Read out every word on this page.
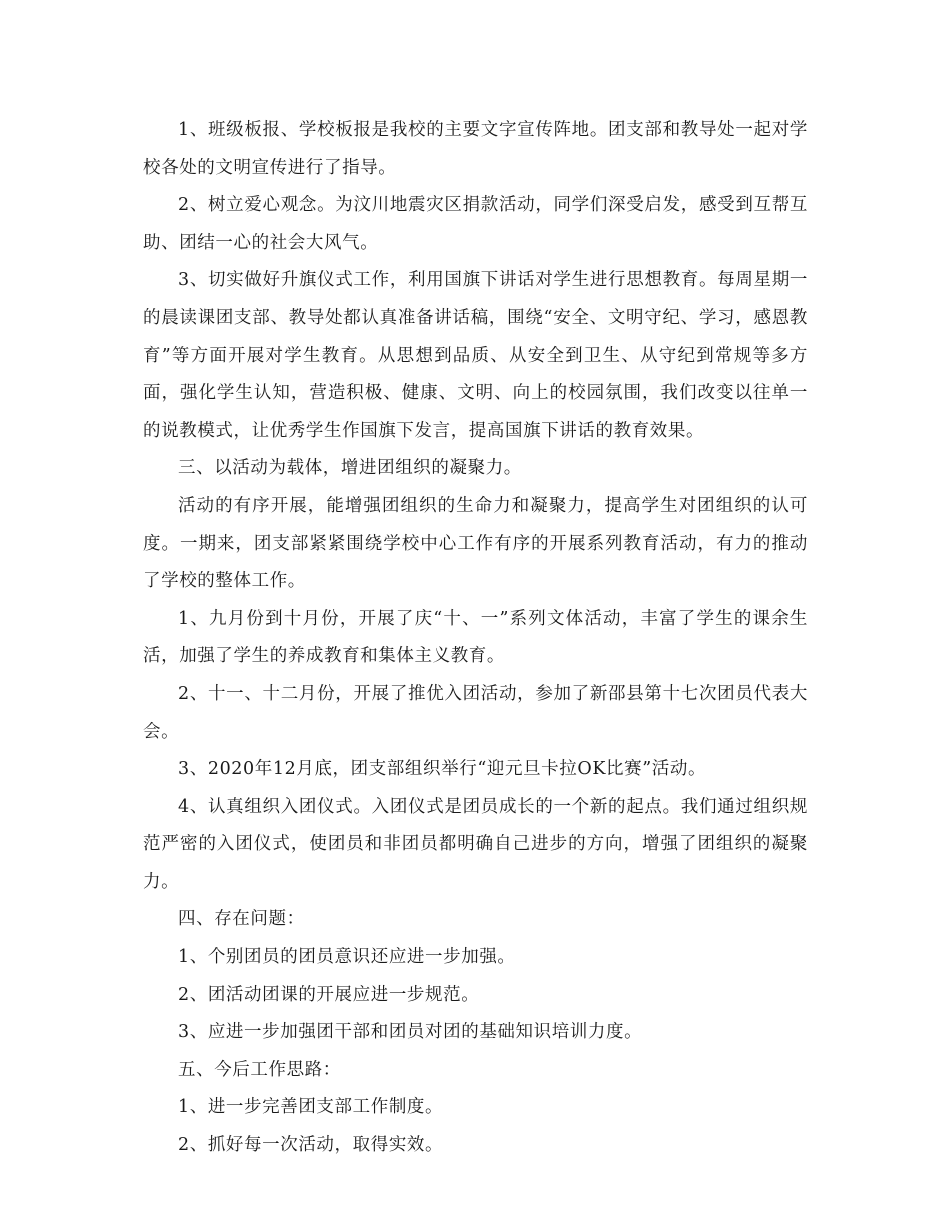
1、班级板报、学校板报是我校的主要文字宣传阵地。团支部和教导处一起对学校各处的文明宣传进行了指导。

2、树立爱心观念。为汶川地震灾区捐款活动，同学们深受启发，感受到互帮互助、团结一心的社会大风气。

3、切实做好升旗仪式工作，利用国旗下讲话对学生进行思想教育。每周星期一的晨读课团支部、教导处都认真准备讲话稿，围绕“安全、文明守纪、学习，感恩教育”等方面开展对学生教育。从思想到品质、从安全到卫生、从守纪到常规等多方面，强化学生认知，营造积极、健康、文明、向上的校园氛围，我们改变以往单一的说教模式，让优秀学生作国旗下发言，提高国旗下讲话的教育效果。

三、以活动为载体，增进团组织的凝聚力。

活动的有序开展，能增强团组织的生命力和凝聚力，提高学生对团组织的认可度。一期来，团支部紧紧围绕学校中心工作有序的开展系列教育活动，有力的推动了学校的整体工作。

1、九月份到十月份，开展了庆“十、一”系列文体活动，丰富了学生的课余生活，加强了学生的养成教育和集体主义教育。

2、十一、十二月份，开展了推优入团活动，参加了新邵县第十七次团员代表大会。

3、2020年12月底，团支部组织举行“迎元旦卡拉OK比赛”活动。

4、认真组织入团仪式。入团仪式是团员成长的一个新的起点。我们通过组织规范严密的入团仪式，使团员和非团员都明确自己进步的方向，增强了团组织的凝聚力。

四、存在问题：

1、个别团员的团员意识还应进一步加强。

2、团活动团课的开展应进一步规范。

3、应进一步加强团干部和团员对团的基础知识培训力度。

五、今后工作思路：

1、进一步完善团支部工作制度。

2、抓好每一次活动，取得实效。
